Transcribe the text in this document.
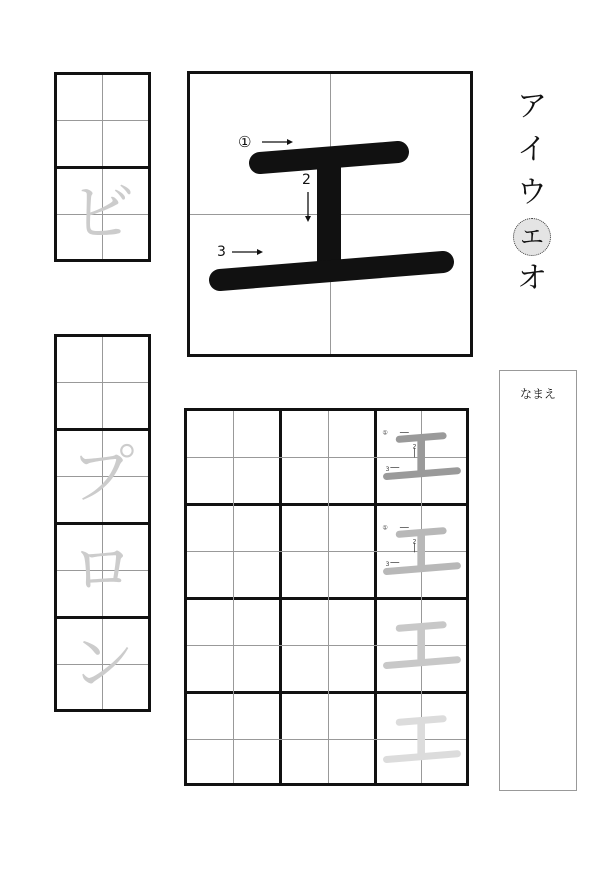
ビ
プ
ロ
ン
①
2
3
ア
イ
ウ
エ
オ
なまえ
①
2
3
①
2
3
